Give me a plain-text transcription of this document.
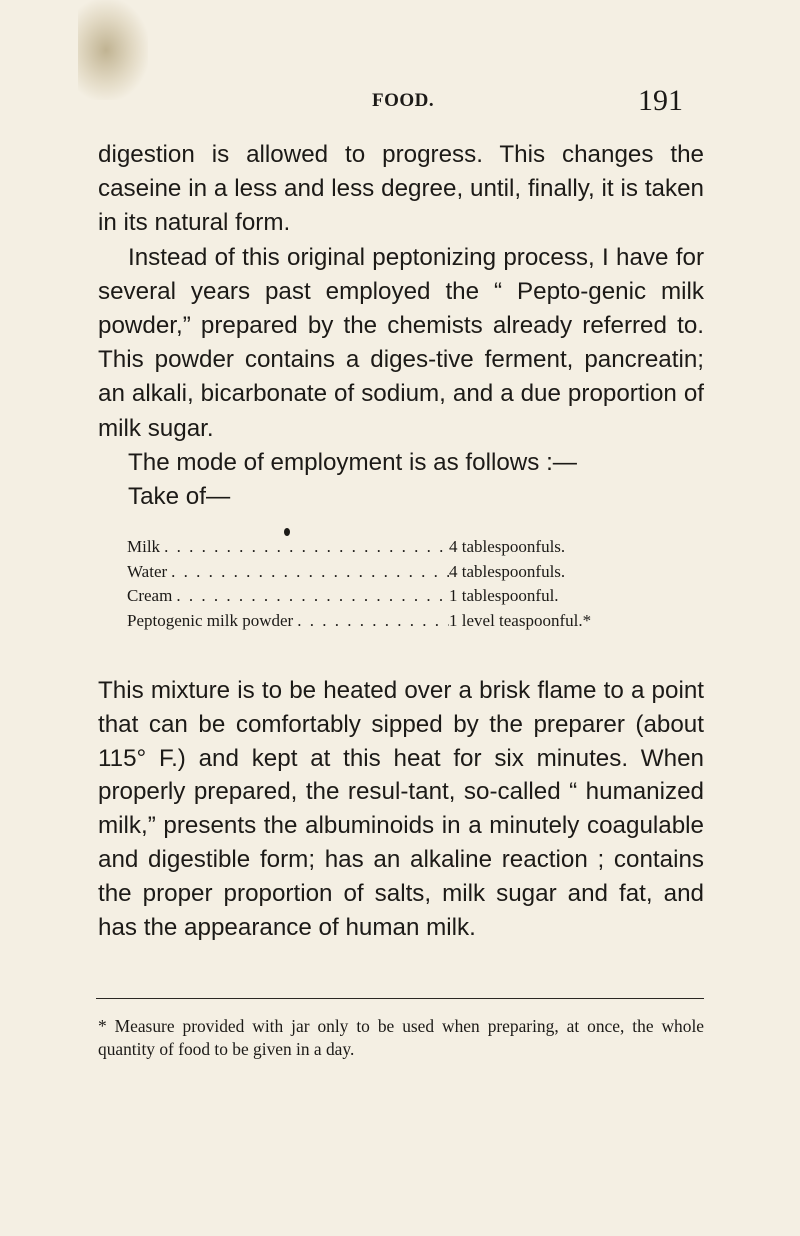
FOOD.	191

digestion is allowed to progress. This changes the caseine in a less and less degree, until, finally, it is taken in its natural form.

Instead of this original peptonizing process, I have for several years past employed the “ Pepto-genic milk powder,” prepared by the chemists already referred to. This powder contains a diges-tive ferment, pancreatin; an alkali, bicarbonate of sodium, and a due proportion of milk sugar.

The mode of employment is as follows :—

Take of—

Milk . . .	4 tablespoonfuls.
Water . . .	4 tablespoonfuls.
Cream . . .	1 tablespoonful.
Peptogenic milk powder . . .	1 level teaspoonful.*

This mixture is to be heated over a brisk flame to a point that can be comfortably sipped by the preparer (about 115° F.) and kept at this heat for six minutes. When properly prepared, the resul-tant, so-called “ humanized milk,” presents the albuminoids in a minutely coagulable and digestible form; has an alkaline reaction ; contains the proper proportion of salts, milk sugar and fat, and has the appearance of human milk.

* Measure provided with jar only to be used when preparing, at once, the whole quantity of food to be given in a day.
